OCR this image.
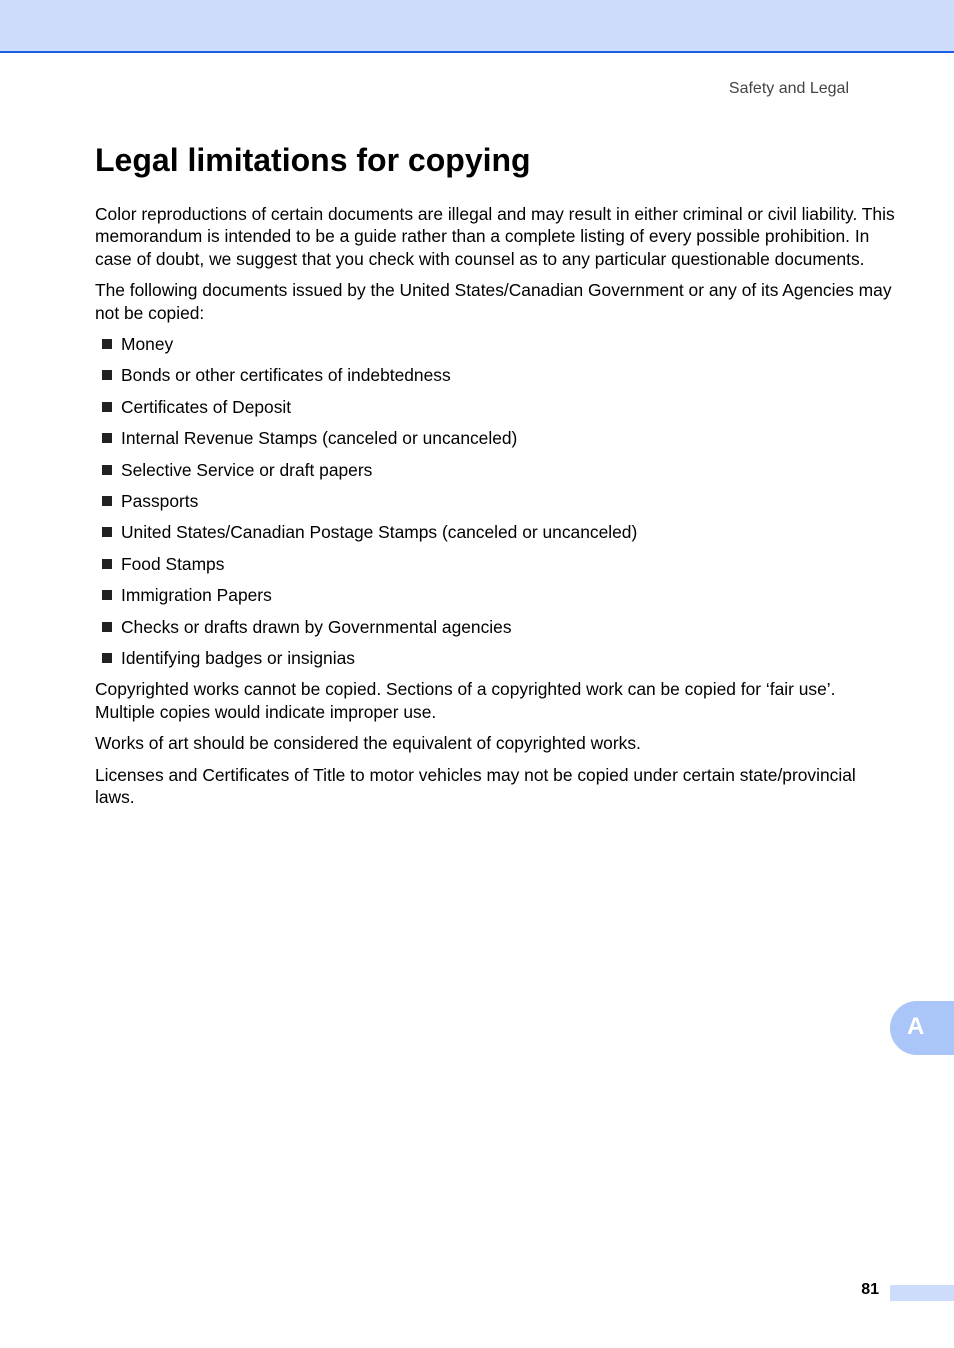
Safety and Legal
Legal limitations for copying

Color reproductions of certain documents are illegal and may result in either criminal or civil liability. This memorandum is intended to be a guide rather than a complete listing of every possible prohibition. In case of doubt, we suggest that you check with counsel as to any particular questionable documents.

The following documents issued by the United States/Canadian Government or any of its Agencies may not be copied:

Money
Bonds or other certificates of indebtedness
Certificates of Deposit
Internal Revenue Stamps (canceled or uncanceled)
Selective Service or draft papers
Passports
United States/Canadian Postage Stamps (canceled or uncanceled)
Food Stamps
Immigration Papers
Checks or drafts drawn by Governmental agencies
Identifying badges or insignias

Copyrighted works cannot be copied. Sections of a copyrighted work can be copied for ‘fair use’. Multiple copies would indicate improper use.

Works of art should be considered the equivalent of copyrighted works.

Licenses and Certificates of Title to motor vehicles may not be copied under certain state/provincial laws.

A
81
